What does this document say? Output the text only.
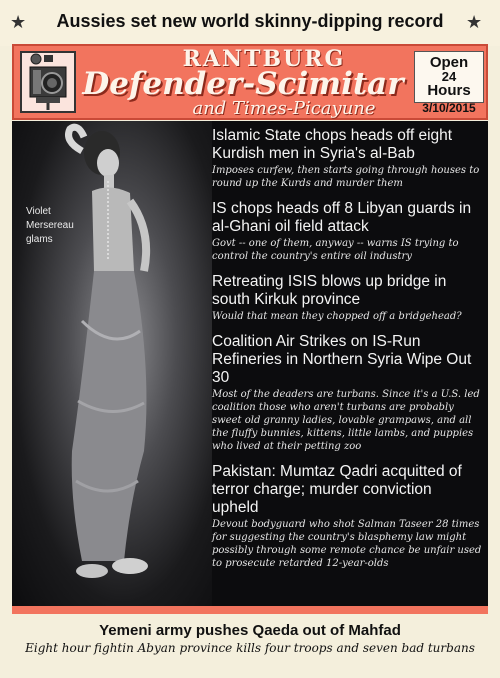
★	Aussies set new world skinny-dipping record	★
RANTBURG
Defender-Scimitar
and Times-Picayune
Open
24
Hours
3/10/2015
Violet Mersereau glams
Islamic State chops heads off eight Kurdish men in Syria's al-Bab

Imposes curfew, then starts going through houses to round up the Kurds and murder them

IS chops heads off 8 Libyan guards in al-Ghani oil field attack

Govt -- one of them, anyway -- warns IS trying to control the country's entire oil industry

Retreating ISIS blows up bridge in south Kirkuk province

Would that mean they chopped off a bridgehead?

Coalition Air Strikes on IS-Run Refineries in Northern Syria Wipe Out 30

Most of the deaders are turbans. Since it's a U.S. led coalition those who aren't turbans are probably sweet old granny ladies, lovable grampaws, and all the fluffy bunnies, kittens, little lambs, and puppies who lived at their petting zoo

Pakistan: Mumtaz Qadri acquitted of terror charge; murder conviction upheld

Devout bodyguard who shot Salman Taseer 28 times for suggesting the country's blasphemy law might possibly through some remote chance be unfair used to prosecute retarded 12-year-olds

Yemeni army pushes Qaeda out of Mahfad
Eight hour fightin Abyan province kills four troops and seven bad turbans
